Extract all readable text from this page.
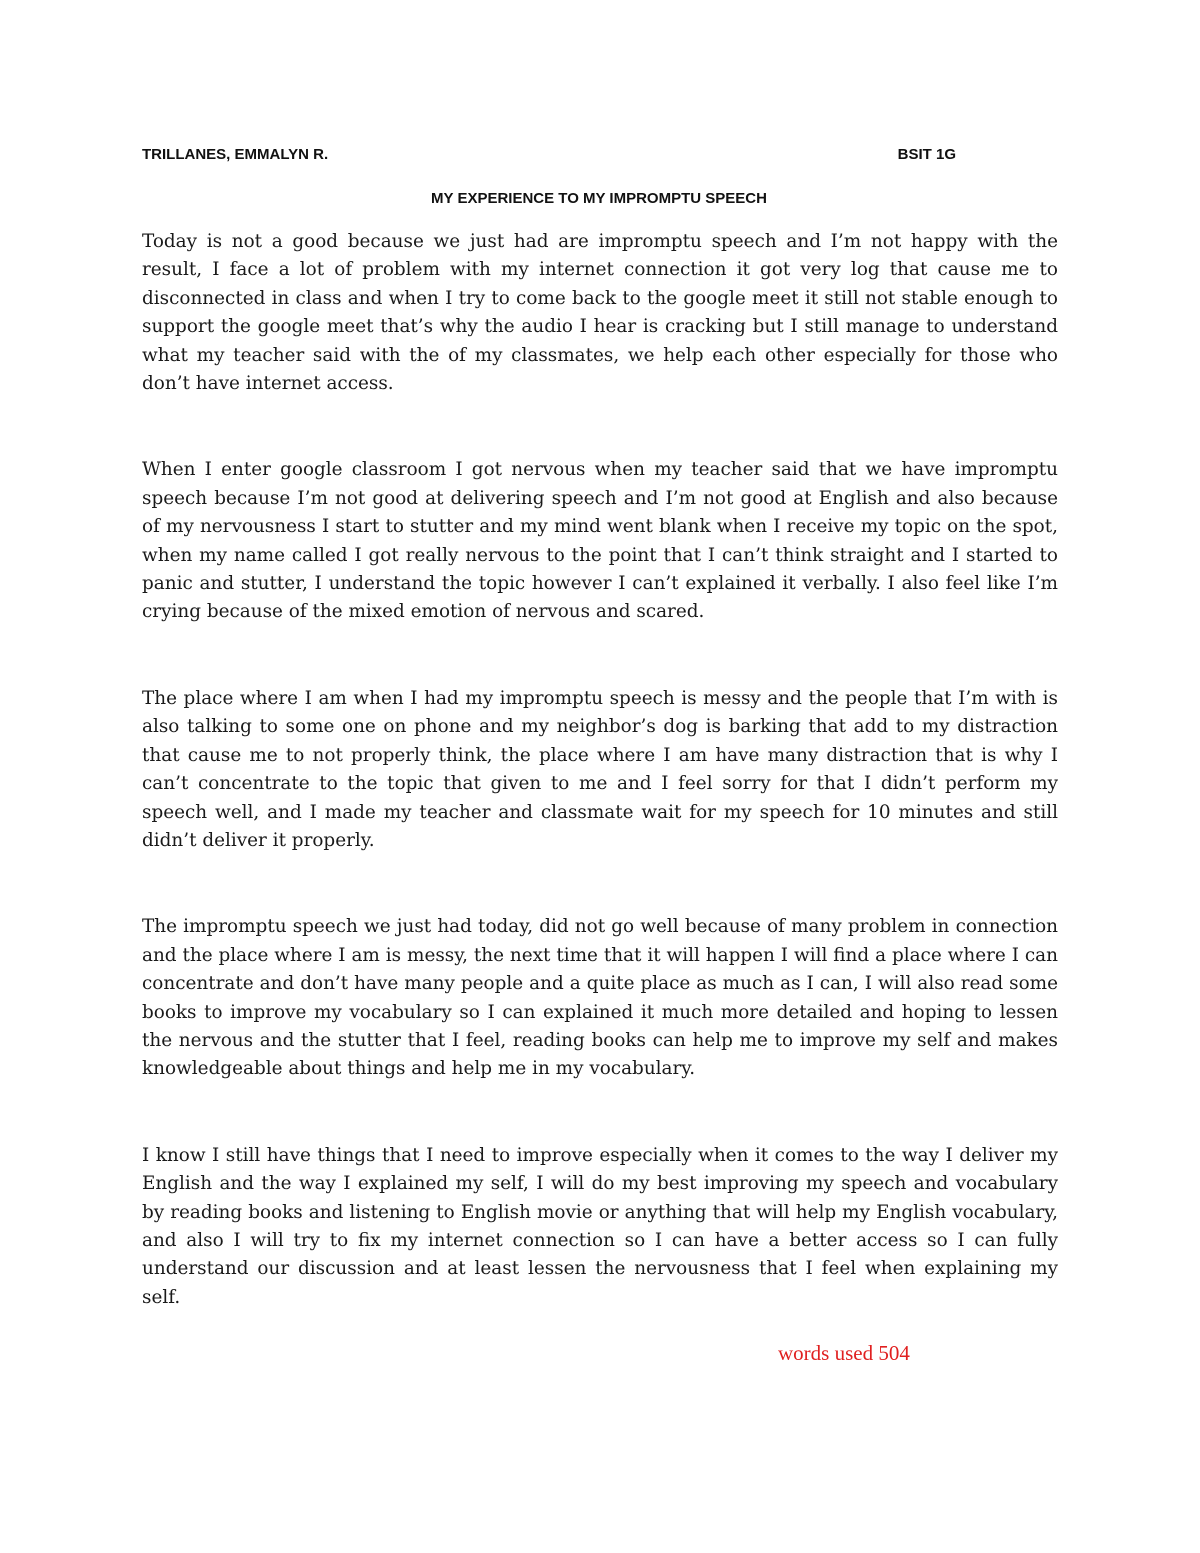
TRILLANES, EMMALYN R.	BSIT 1G
MY EXPERIENCE TO MY IMPROMPTU SPEECH

Today is not a good because we just had are impromptu speech and I’m not happy with the result, I face a lot of problem with my internet connection it got very log that cause me to disconnected in class and when I try to come back to the google meet it still not stable enough to support the google meet that’s why the audio I hear is cracking but I still manage to understand what my teacher said with the of my classmates, we help each other especially for those who don’t have internet access.

When I enter google classroom I got nervous when my teacher said that we have impromptu speech because I’m not good at delivering speech and I’m not good at English and also because of my nervousness I start to stutter and my mind went blank when I receive my topic on the spot, when my name called I got really nervous to the point that I can’t think straight and I started to panic and stutter, I understand the topic however I can’t explained it verbally. I also feel like I’m crying because of the mixed emotion of nervous and scared.

The place where I am when I had my impromptu speech is messy and the people that I’m with is also talking to some one on phone and my neighbor’s dog is barking that add to my distraction that cause me to not properly think, the place where I am have many distraction that is why I can’t concentrate to the topic that given to me and I feel sorry for that I didn’t perform my speech well, and I made my teacher and classmate wait for my speech for 10 minutes and still didn’t deliver it properly.

The impromptu speech we just had today, did not go well because of many problem in connection and the place where I am is messy, the next time that it will happen I will find a place where I can concentrate and don’t have many people and a quite place as much as I can, I will also read some books to improve my vocabulary so I can explained it much more detailed and hoping to lessen the nervous and the stutter that I feel, reading books can help me to improve my self and makes knowledgeable about things and help me in my vocabulary.

I know I still have things that I need to improve especially when it comes to the way I deliver my English and the way I explained my self, I will do my best improving my speech and vocabulary by reading books and listening to English movie or anything that will help my English vocabulary, and also I will try to fix my internet connection so I can have a better access so I can fully understand our discussion and at least lessen the nervousness that I feel when explaining my self.

words used 504
